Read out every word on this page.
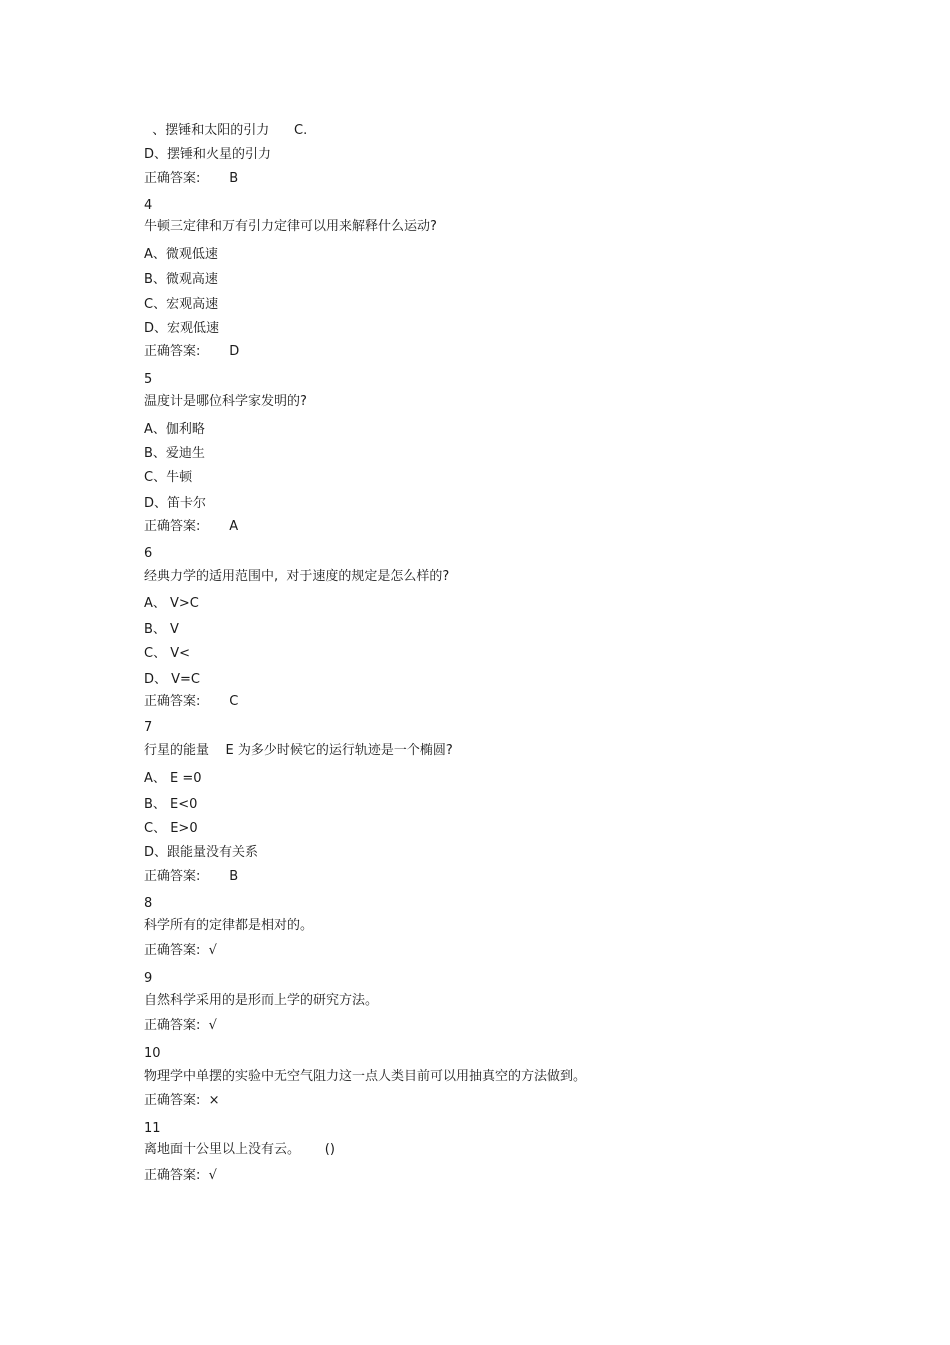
、摆锤和太阳的引力      C.
D、摆锤和火星的引力
正确答案:       B
4
牛顿三定律和万有引力定律可以用来解释什么运动?
A、微观低速
B、微观高速
C、宏观高速
D、宏观低速
正确答案:       D
5
温度计是哪位科学家发明的?
A、伽利略
B、爱迪生
C、牛顿
D、笛卡尔
正确答案:       A
6
经典力学的适用范围中,  对于速度的规定是怎么样的?
A、 V>C
B、 V
C、 V<
D、 V=C
正确答案:       C
7
行星的能量    E 为多少时候它的运行轨迹是一个椭圆?
A、 E =0
B、 E<0
C、 E>0
D、跟能量没有关系
正确答案:       B
8
科学所有的定律都是相对的。
正确答案:  √
9
自然科学采用的是形而上学的研究方法。
正确答案:  √
10
物理学中单摆的实验中无空气阻力这一点人类目前可以用抽真空的方法做到。
正确答案:  ×
11
离地面十公里以上没有云。      ()
正确答案:  √
